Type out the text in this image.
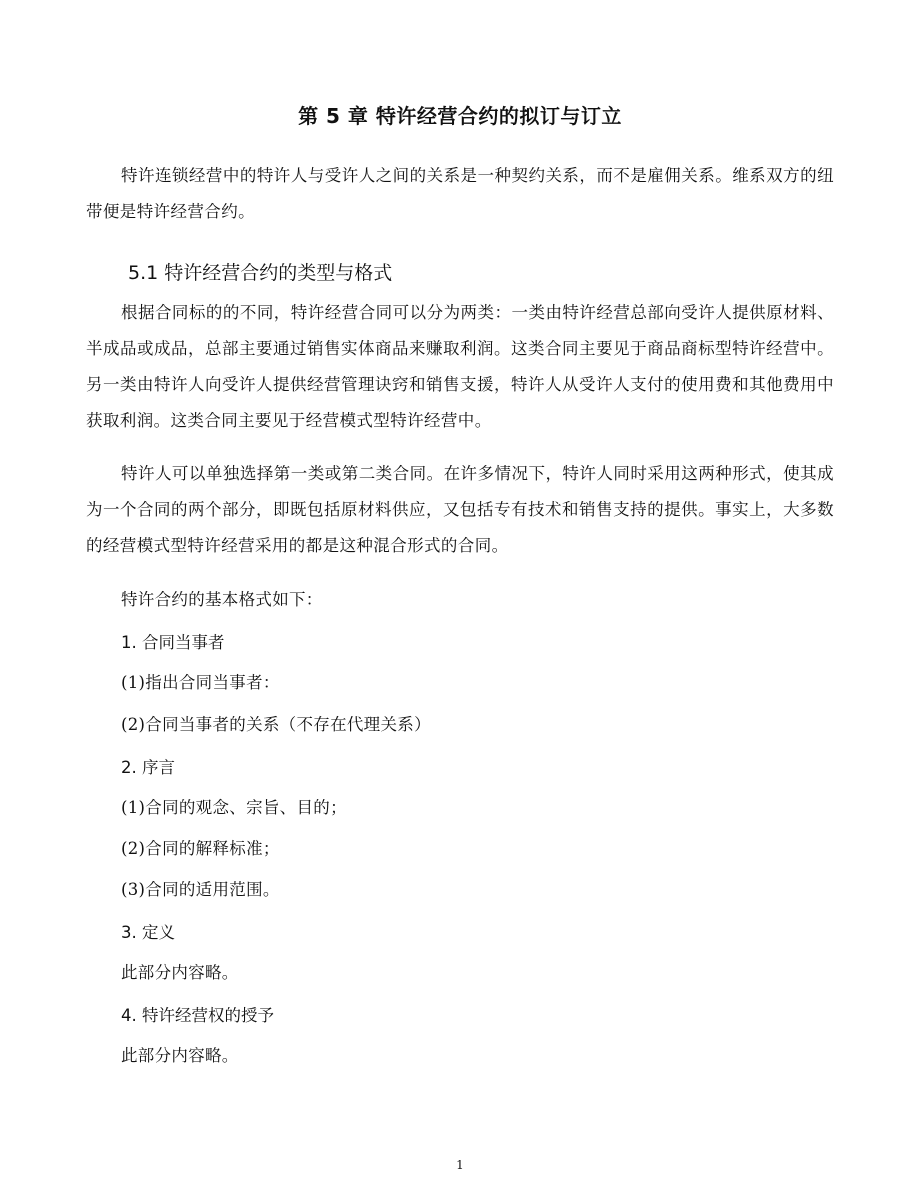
第 5 章 特许经营合约的拟订与订立
特许连锁经营中的特许人与受许人之间的关系是一种契约关系，而不是雇佣关系。维系双方的纽带便是特许经营合约。
5.1 特许经营合约的类型与格式
根据合同标的的不同，特许经营合同可以分为两类：一类由特许经营总部向受许人提供原材料、半成品或成品，总部主要通过销售实体商品来赚取利润。这类合同主要见于商品商标型特许经营中。另一类由特许人向受许人提供经营管理诀窍和销售支援，特许人从受许人支付的使用费和其他费用中获取利润。这类合同主要见于经营模式型特许经营中。
特许人可以单独选择第一类或第二类合同。在许多情况下，特许人同时采用这两种形式，使其成为一个合同的两个部分，即既包括原材料供应，又包括专有技术和销售支持的提供。事实上，大多数的经营模式型特许经营采用的都是这种混合形式的合同。
特许合约的基本格式如下：
1. 合同当事者
(1)指出合同当事者：
(2)合同当事者的关系（不存在代理关系）
2. 序言
(1)合同的观念、宗旨、目的；
(2)合同的解释标准；
(3)合同的适用范围。
3. 定义
此部分内容略。
4. 特许经营权的授予
此部分内容略。
1
